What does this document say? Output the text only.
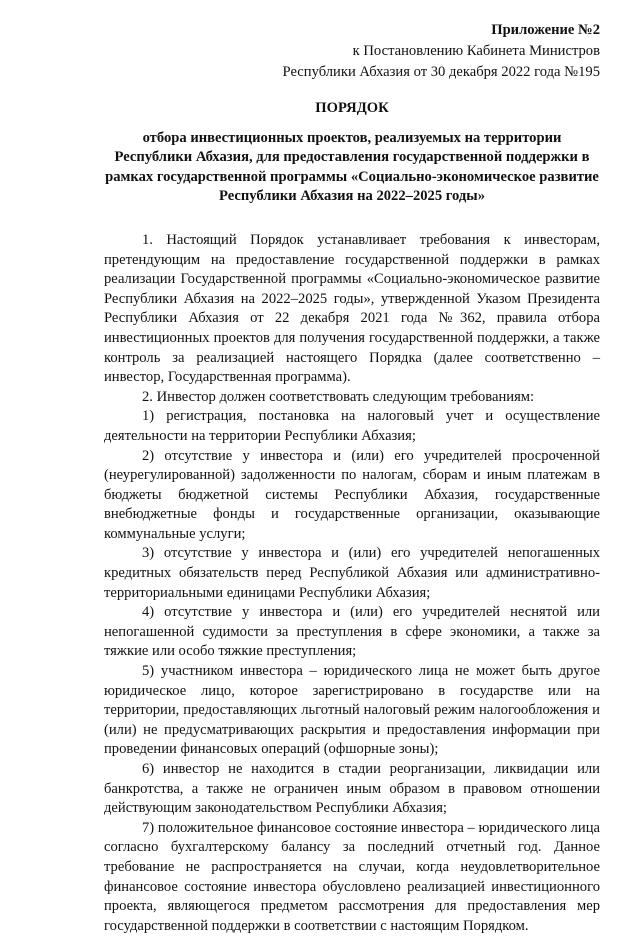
Приложение №2
к Постановлению Кабинета Министров
Республики Абхазия от 30 декабря 2022 года №195
ПОРЯДОК
отбора инвестиционных проектов, реализуемых на территории Республики Абхазия, для предоставления государственной поддержки в рамках государственной программы «Социально-экономическое развитие Республики Абхазия на 2022–2025 годы»

1. Настоящий Порядок устанавливает требования к инвесторам, претендующим на предоставление государственной поддержки в рамках реализации Государственной программы «Социально-экономическое развитие Республики Абхазия на 2022–2025 годы», утвержденной Указом Президента Республики Абхазия от 22 декабря 2021 года №362, правила отбора инвестиционных проектов для получения государственной поддержки, а также контроль за реализацией настоящего Порядка (далее соответственно – инвестор, Государственная программа).

2. Инвестор должен соответствовать следующим требованиям:

1) регистрация, постановка на налоговый учет и осуществление деятельности на территории Республики Абхазия;

2) отсутствие у инвестора и (или) его учредителей просроченной (неурегулированной) задолженности по налогам, сборам и иным платежам в бюджеты бюджетной системы Республики Абхазия, государственные внебюджетные фонды и государственные организации, оказывающие коммунальные услуги;

3) отсутствие у инвестора и (или) его учредителей непогашенных кредитных обязательств перед Республикой Абхазия или административно-территориальными единицами Республики Абхазия;

4) отсутствие у инвестора и (или) его учредителей неснятой или непогашенной судимости за преступления в сфере экономики, а также за тяжкие или особо тяжкие преступления;

5) участником инвестора – юридического лица не может быть другое юридическое лицо, которое зарегистрировано в государстве или на территории, предоставляющих льготный налоговый режим налогообложения и (или) не предусматривающих раскрытия и предоставления информации при проведении финансовых операций (офшорные зоны);

6) инвестор не находится в стадии реорганизации, ликвидации или банкротства, а также не ограничен иным образом в правовом отношении действующим законодательством Республики Абхазия;

7) положительное финансовое состояние инвестора – юридического лица согласно бухгалтерскому балансу за последний отчетный год. Данное требование не распространяется на случаи, когда неудовлетворительное финансовое состояние инвестора обусловлено реализацией инвестиционного проекта, являющегося предметом рассмотрения для предоставления мер государственной поддержки в соответствии с настоящим Порядком.
